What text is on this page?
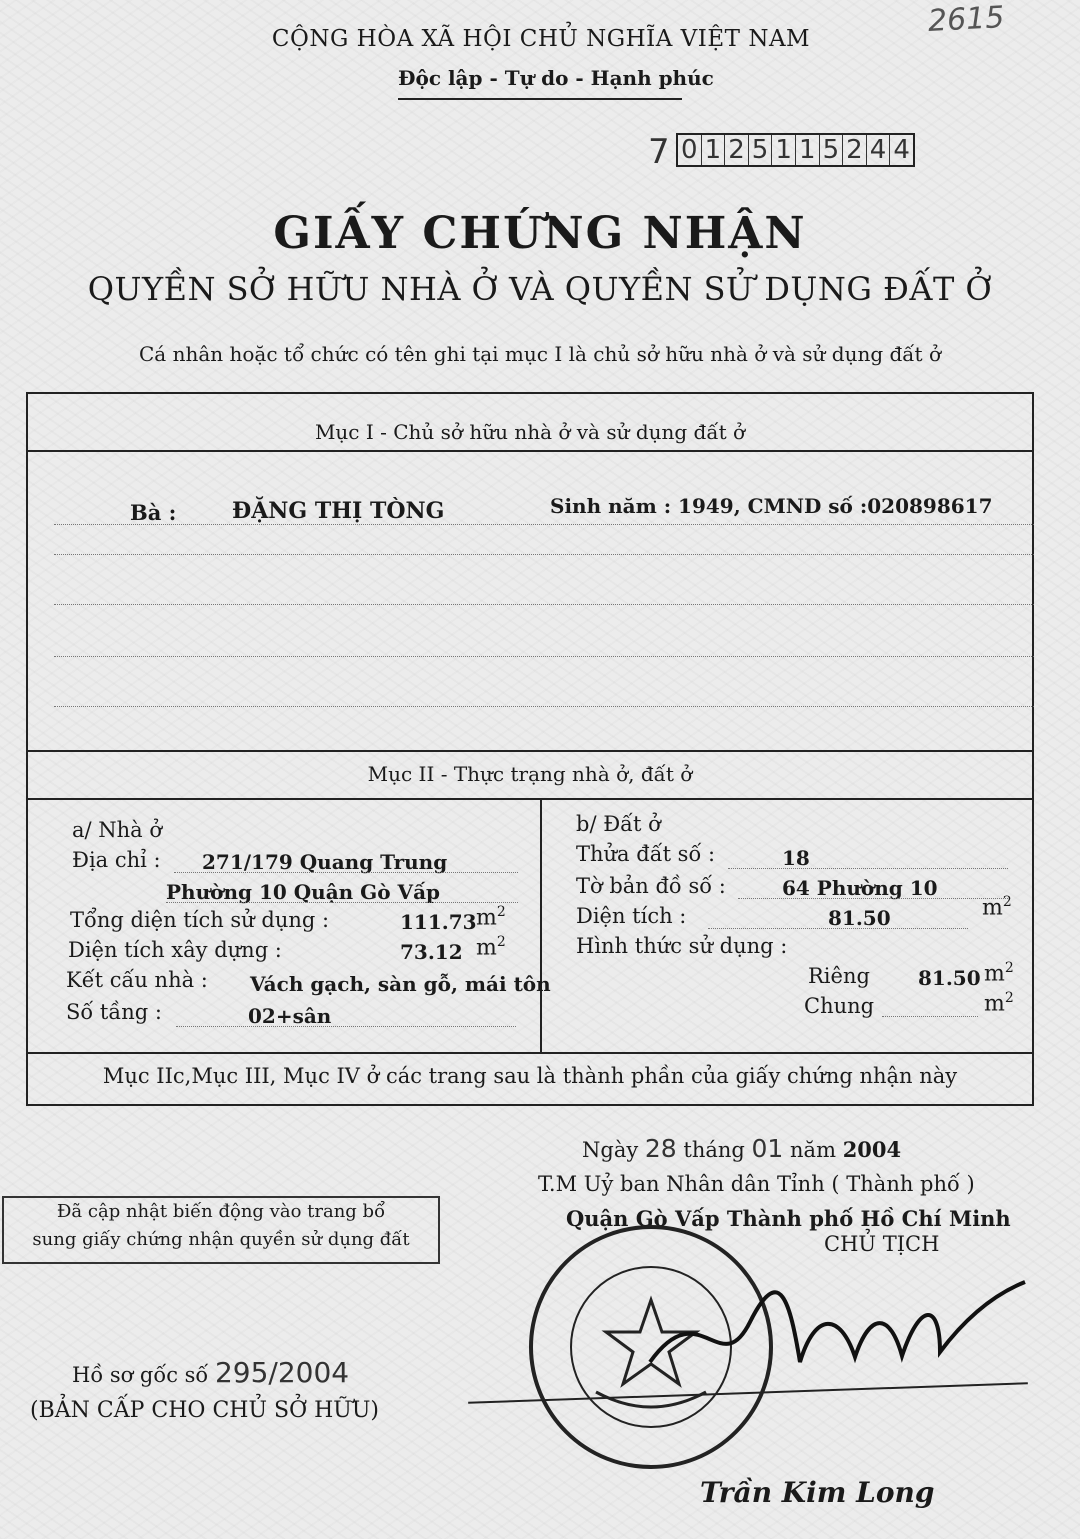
2615
CỘNG HÒA XÃ HỘI CHỦ NGHĨA VIỆT NAM
Độc lập - Tự do - Hạnh phúc
7 0 1 2 5 1 1 5 2 4 4
GIẤY CHỨNG NHẬN
QUYỀN SỞ HỮU NHÀ Ở VÀ QUYỀN SỬ DỤNG ĐẤT Ở
Cá nhân hoặc tổ chức có tên ghi tại mục I là chủ sở hữu nhà ở và sử dụng đất ở
Mục I - Chủ sở hữu nhà ở và sử dụng đất ở
Bà :	ĐẶNG THỊ TÒNG	Sinh năm : 1949, CMND số :020898617
Mục II - Thực trạng nhà ở, đất ở
a/ Nhà ở
Địa chỉ : 271/179 Quang Trung
Phường 10 Quận Gò Vấp
Tổng diện tích sử dụng :	111.73 $m^2$
Diện tích xây dựng :	73.12 $m^2$
Kết cấu nhà : Vách gạch, sàn gỗ, mái tôn
Số tầng :	02+sân
b/ Đất ở
Thửa đất số :	18
Tờ bản đồ số :	64 Phường 10
Diện tích :	81.50	$m^2$
Hình thức sử dụng :
Riêng 81.50 $m^2$
Chung	$m^2$
Mục IIc,Mục III, Mục IV ở các trang sau là thành phần của giấy chứng nhận này
Ngày 28 tháng 01 năm 2004
T.M Uỷ ban Nhân dân Tỉnh ( Thành phố )
Quận Gò Vấp Thành phố Hồ Chí Minh
CHỦ TỊCH
Đã cập nhật biến động vào trang bổ
sung giấy chứng nhận quyền sử dụng đất
Hồ sơ gốc số 295/2004
(BẢN CẤP CHO CHỦ SỞ HỮU)
Trần Kim Long
